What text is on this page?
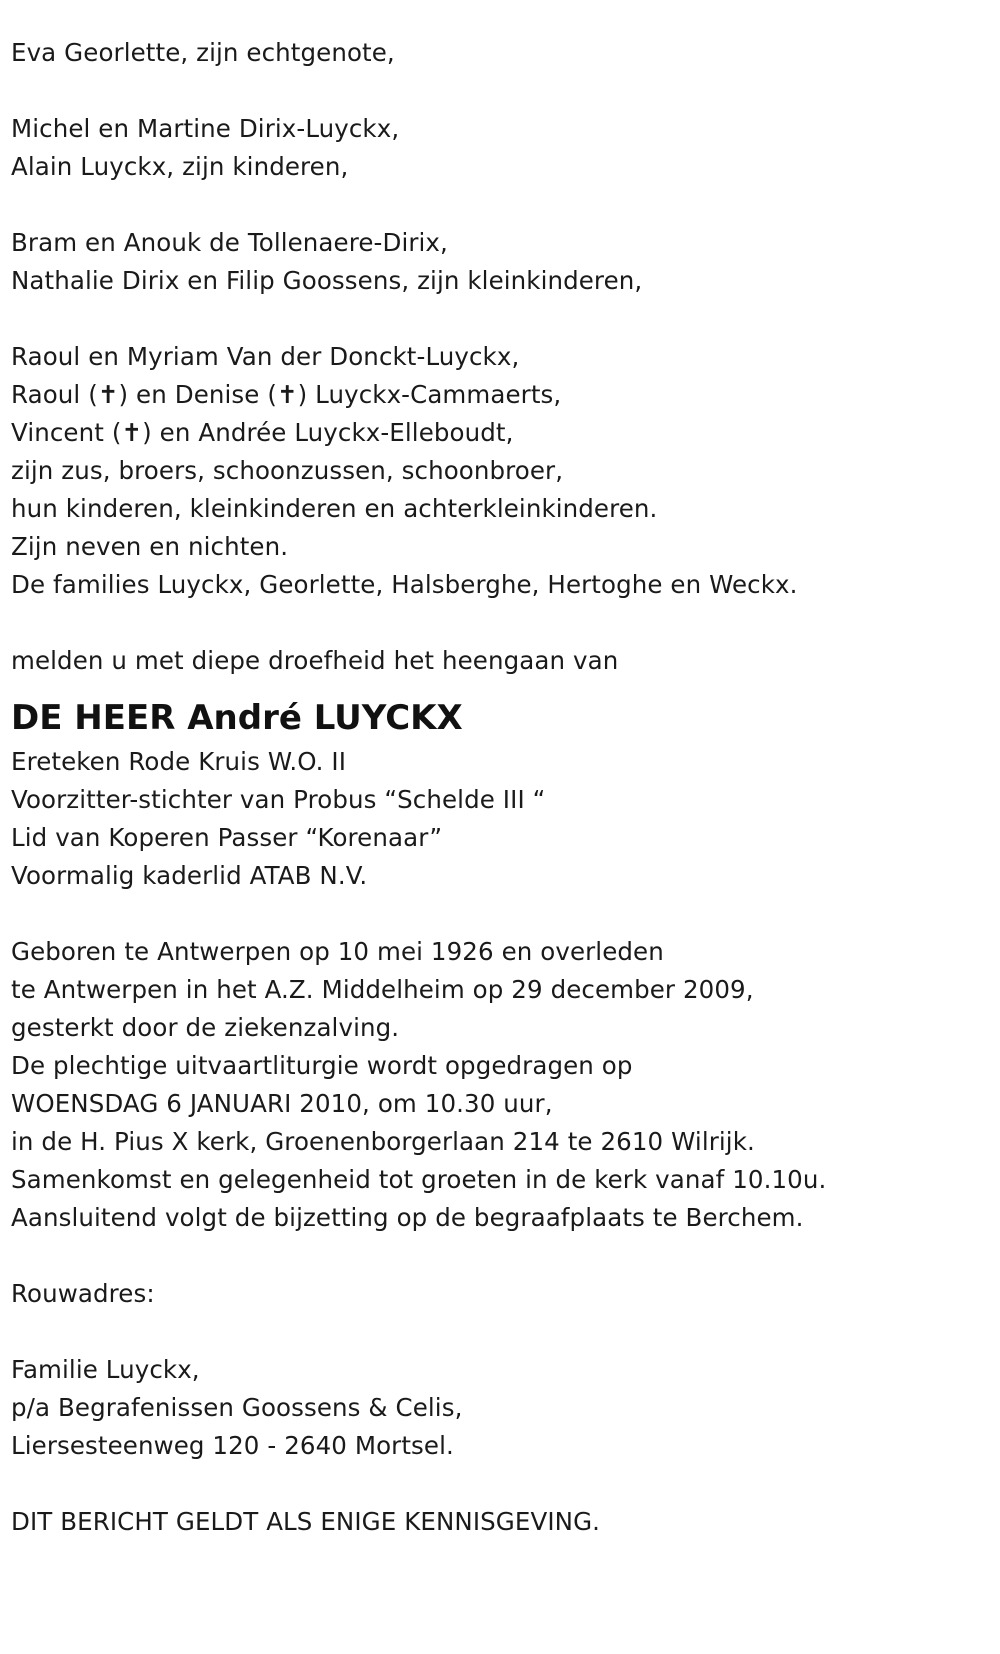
Eva Georlette, zijn echtgenote,
Michel en Martine Dirix-Luyckx,
Alain Luyckx, zijn kinderen,
Bram en Anouk de Tollenaere-Dirix,
Nathalie Dirix en Filip Goossens, zijn kleinkinderen,
Raoul en Myriam Van der Donckt-Luyckx,
Raoul (✝) en Denise (✝) Luyckx-Cammaerts,
Vincent (✝) en Andrée Luyckx-Elleboudt,
zijn zus, broers, schoonzussen, schoonbroer,
hun kinderen, kleinkinderen en achterkleinkinderen.
Zijn neven en nichten.
De families Luyckx, Georlette, Halsberghe, Hertoghe en Weckx.
melden u met diepe droefheid het heengaan van
DE HEER André LUYCKX
Ereteken Rode Kruis W.O. II
Voorzitter-stichter van Probus “Schelde III “
Lid van Koperen Passer “Korenaar”
Voormalig kaderlid ATAB N.V.
Geboren te Antwerpen op 10 mei 1926 en overleden
te Antwerpen in het A.Z. Middelheim op 29 december 2009,
gesterkt door de ziekenzalving.
De plechtige uitvaartliturgie wordt opgedragen op
WOENSDAG 6 JANUARI 2010, om 10.30 uur,
in de H. Pius X kerk, Groenenborgerlaan 214 te 2610 Wilrijk.
Samenkomst en gelegenheid tot groeten in de kerk vanaf 10.10u.
Aansluitend volgt de bijzetting op de begraafplaats te Berchem.
Rouwadres:
Familie Luyckx,
p/a Begrafenissen Goossens & Celis,
Liersesteenweg 120 - 2640 Mortsel.
DIT BERICHT GELDT ALS ENIGE KENNISGEVING.
